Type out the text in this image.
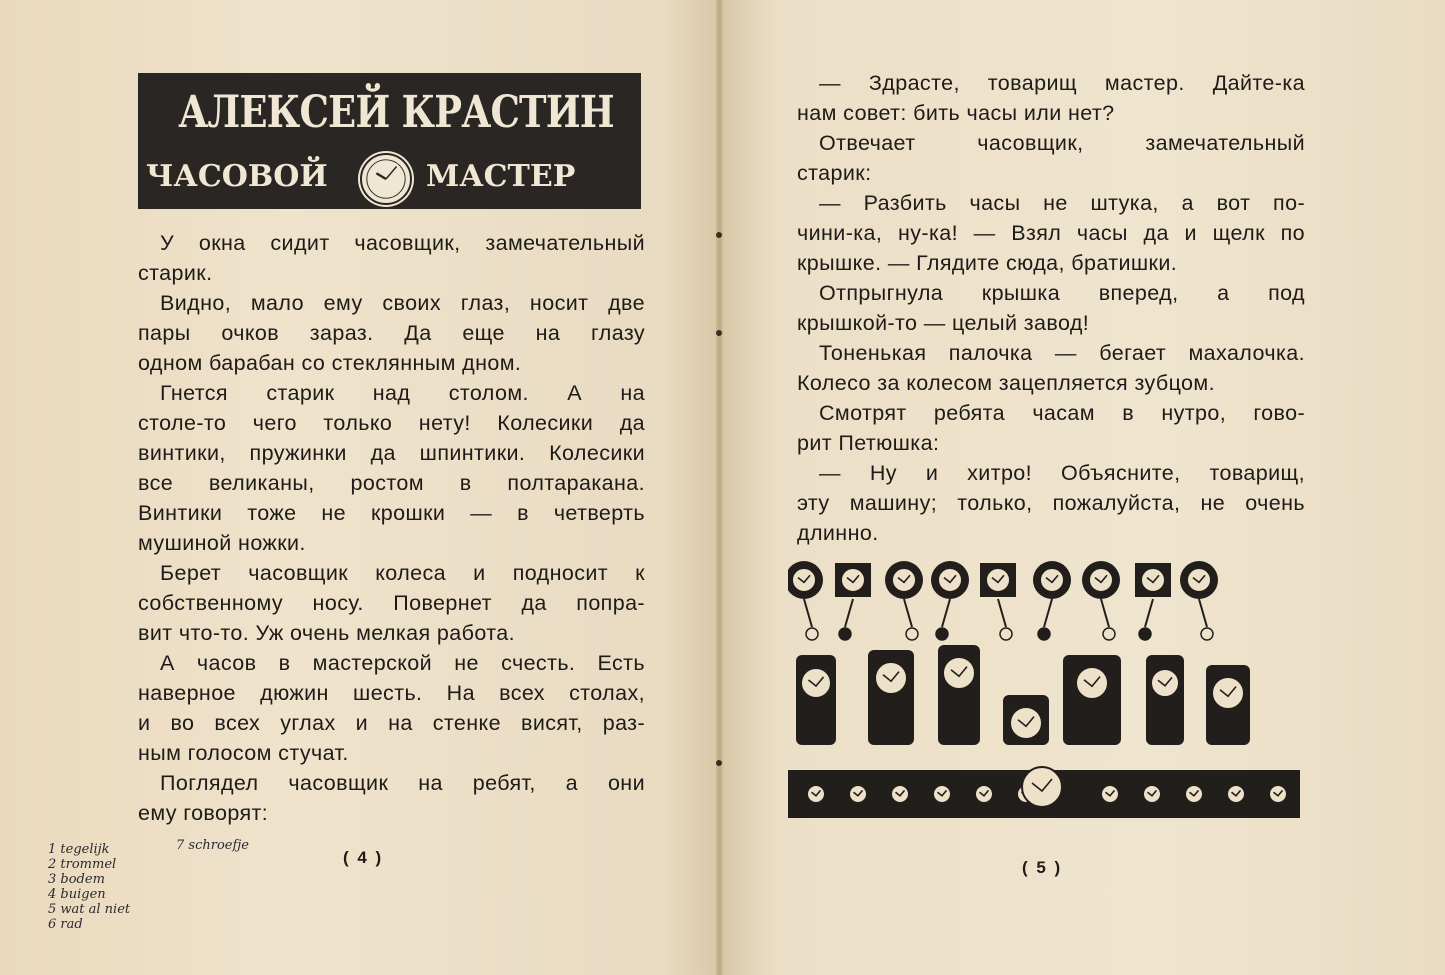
АЛЕКСЕЙ КРАСТИН
ЧАСОВОЙ	МАСТЕР
У окна сидит часовщик, замечательный
старик.
Видно, мало ему своих глаз, носит две
пары очков зараз. Да еще на глазу
одном барабан со стеклянным дном.
Гнется старик над столом. А на
столе-то чего только нету! Колесики да
винтики, пружинки да шпинтики. Колесики
все великаны, ростом в полтаракана.
Винтики тоже не крошки — в четверть
мушиной ножки.
Берет часовщик колеса и подносит к
собственному носу. Повернет да попра-
вит что-то. Уж очень мелкая работа.
А часов в мастерской не счесть. Есть
наверное дюжин шесть. На всех столах,
и во всех углах и на стенке висят, раз-
ным голосом стучат.
Поглядел часовщик на ребят, а они
ему говорят:
( 4 )
1 tegelijk
2 trommel
3 bodem
4 buigen
5 wat al niet
6 rad
7 schroefje
— Здрасте, товарищ мастер. Дайте-ка
нам совет: бить часы или нет?
Отвечает часовщик, замечательный
старик:
— Разбить часы не штука, а вот по-
чини-ка, ну-ка! — Взял часы да и щелк по
крышке. — Глядите сюда, братишки.
Отпрыгнула крышка вперед, а под
крышкой-то — целый завод!
Тоненькая палочка — бегает махалочка.
Колесо за колесом зацепляется зубцом.
Смотрят ребята часам в нутро, гово-
рит Петюшка:
— Ну и хитро! Объясните, товарищ,
эту машину; только, пожалуйста, не очень
длинно.
( 5 )
